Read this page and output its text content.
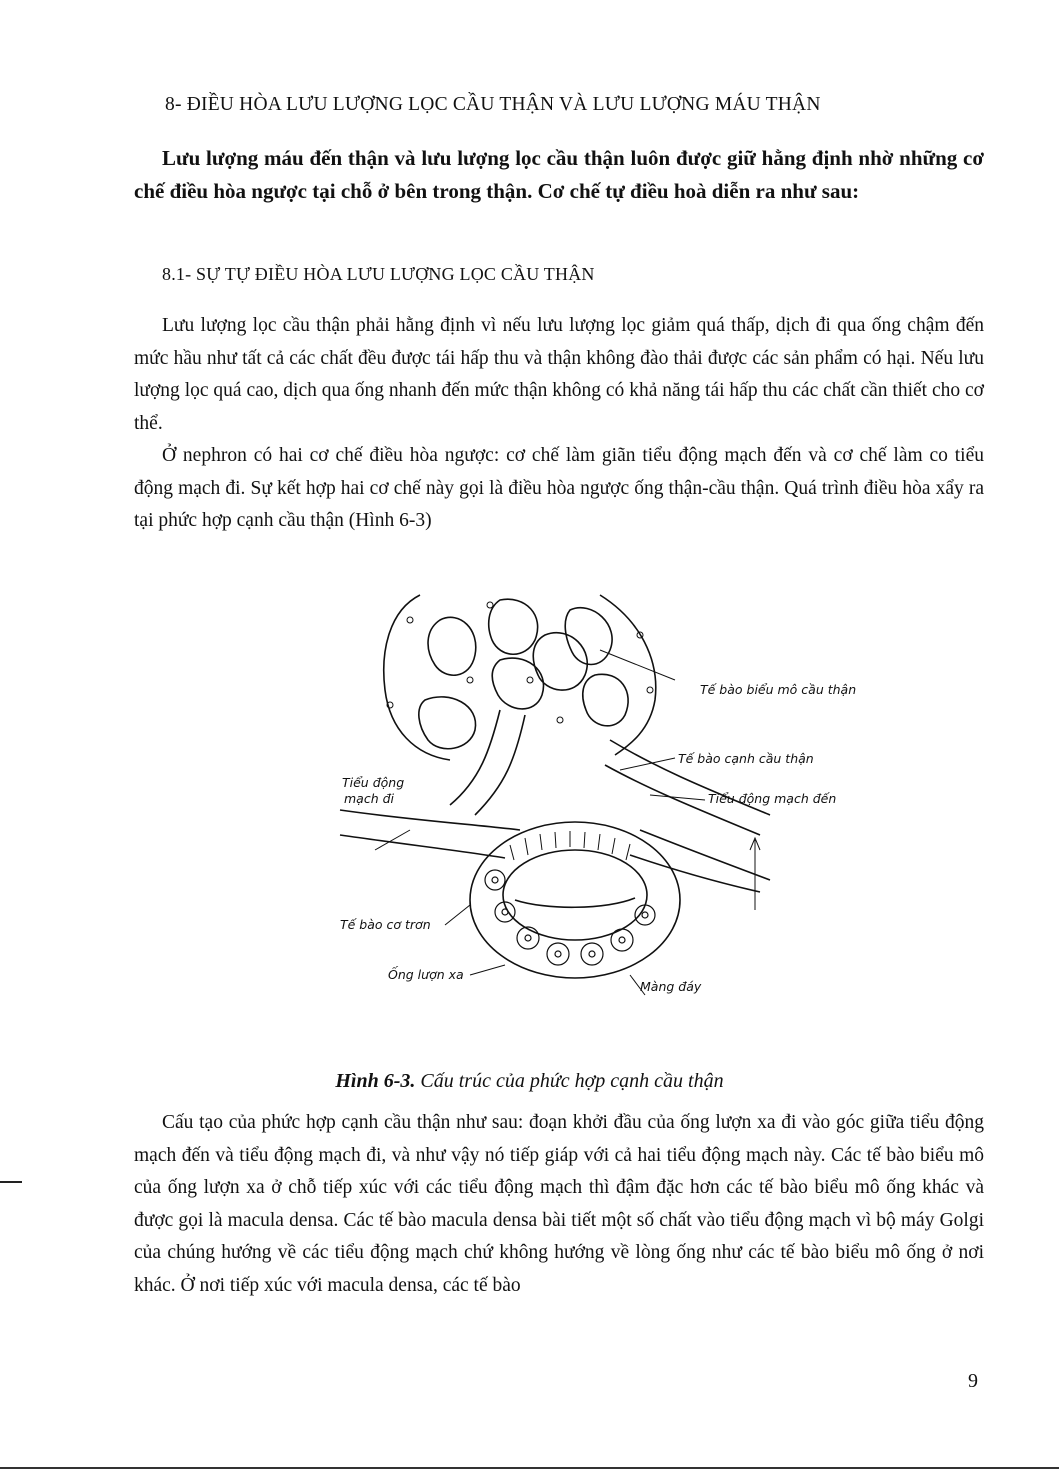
8- ĐIỀU HÒA LƯU LƯỢNG LỌC CẦU THẬN VÀ LƯU LƯỢNG MÁU THẬN

Lưu lượng máu đến thận và lưu lượng lọc cầu thận luôn được giữ hằng định nhờ những cơ chế điều hòa ngược tại chỗ ở bên trong thận. Cơ chế tự điều hoà diễn ra như sau:

8.1- SỰ TỰ ĐIỀU HÒA LƯU LƯỢNG LỌC CẦU THẬN

Lưu lượng lọc cầu thận phải hằng định vì nếu lưu lượng lọc giảm quá thấp, dịch đi qua ống chậm đến mức hầu như tất cả các chất đều được tái hấp thu và thận không đào thải được các sản phẩm có hại. Nếu lưu lượng lọc quá cao, dịch qua ống nhanh đến mức thận không có khả năng tái hấp thu các chất cần thiết cho cơ thể.

Ở nephron có hai cơ chế điều hòa ngược: cơ chế làm giãn tiểu động mạch đến và cơ chế làm co tiểu động mạch đi. Sự kết hợp hai cơ chế này gọi là điều hòa ngược ống thận-cầu thận. Quá trình điều hòa xẩy ra tại phức hợp cạnh cầu thận (Hình 6-3)

Tế bào biểu mô cầu thận
Tế bào cạnh cầu thận
Tiểu động mạch đến
Tiểu động
mạch đi
Tế bào cơ trơn
Ống lượn xa
Màng đáy
Hình 6-3. Cấu trúc của phức hợp cạnh cầu thận

Cấu tạo của phức hợp cạnh cầu thận như sau: đoạn khởi đầu của ống lượn xa đi vào góc giữa tiểu động mạch đến và tiểu động mạch đi, và như vậy nó tiếp giáp với cả hai tiểu động mạch này. Các tế bào biểu mô của ống lượn xa ở chỗ tiếp xúc với các tiểu động mạch thì đậm đặc hơn các tế bào biểu mô ống khác và được gọi là macula densa. Các tế bào macula densa bài tiết một số chất vào tiểu động mạch vì bộ máy Golgi của chúng hướng về các tiểu động mạch chứ không hướng về lòng ống như các tế bào biểu mô ống ở nơi khác. Ở nơi tiếp xúc với macula densa, các tế bào

9
